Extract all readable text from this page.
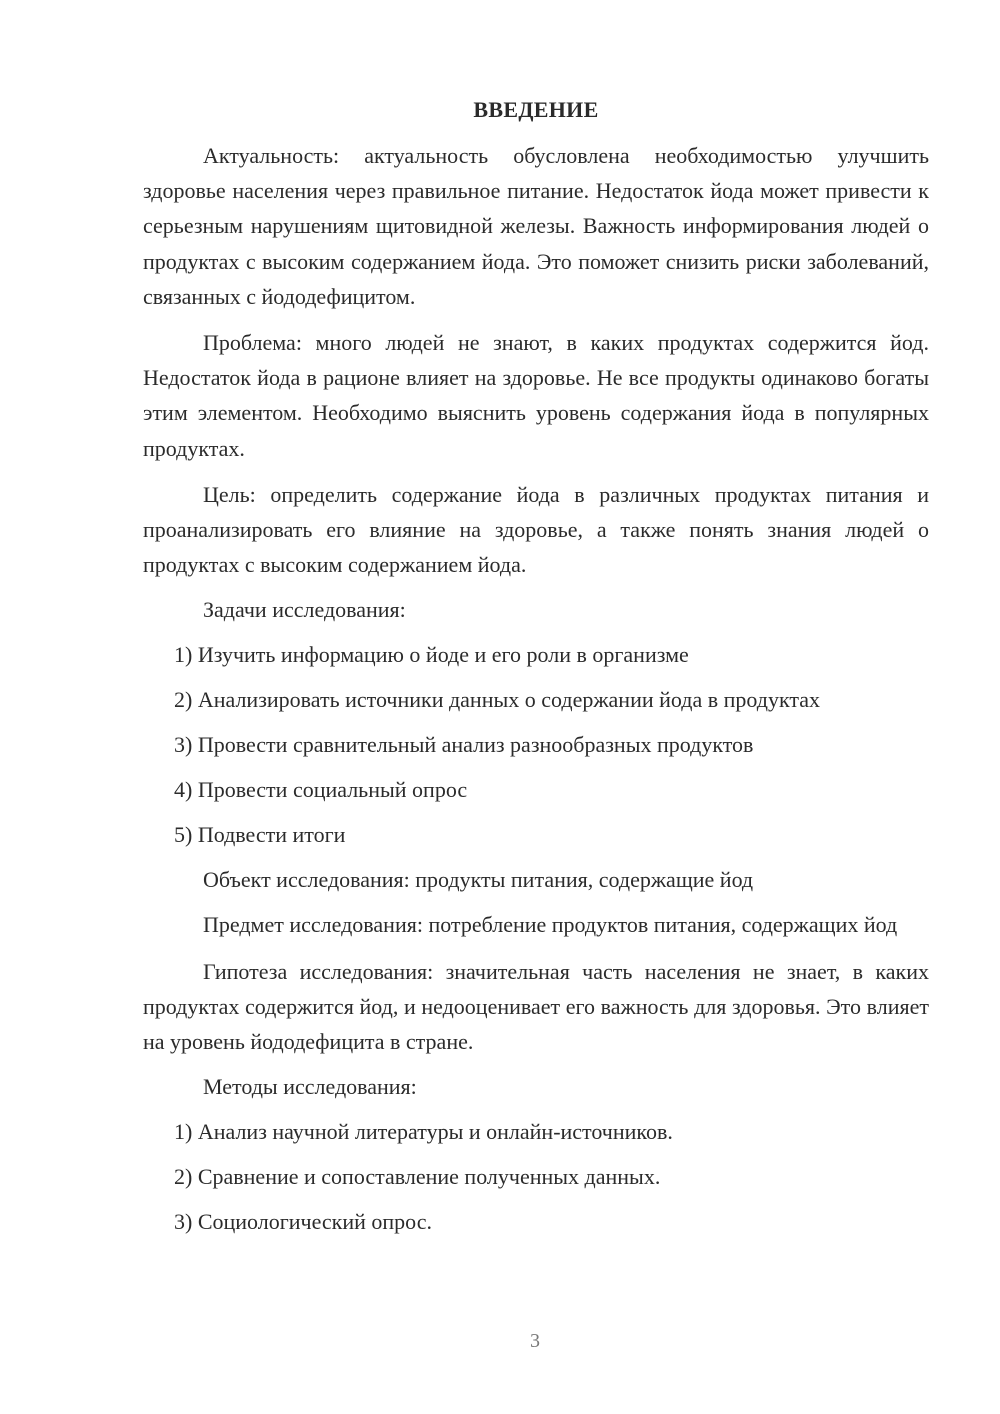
ВВЕДЕНИЕ

Актуальность: актуальность обусловлена необходимостью улучшить здоровье населения через правильное питание. Недостаток йода может привести к серьезным нарушениям щитовидной железы. Важность информирования людей о продуктах с высоким содержанием йода. Это поможет снизить риски заболеваний, связанных с йододефицитом.

Проблема: много людей не знают, в каких продуктах содержится йод. Недостаток йода в рационе влияет на здоровье. Не все продукты одинаково богаты этим элементом. Необходимо выяснить уровень содержания йода в популярных продуктах.

Цель: определить содержание йода в различных продуктах питания и проанализировать его влияние на здоровье, а также понять знания людей о продуктах с высоким содержанием йода.

Задачи исследования:

1) Изучить информацию о йоде и его роли в организме
2) Анализировать источники данных о содержании йода в продуктах
3) Провести сравнительный анализ разнообразных продуктов
4) Провести социальный опрос
5) Подвести итоги

Объект исследования: продукты питания, содержащие йод

Предмет исследования: потребление продуктов питания, содержащих йод

Гипотеза исследования: значительная часть населения не знает, в каких продуктах содержится йод, и недооценивает его важность для здоровья. Это влияет на уровень йододефицита в стране.

Методы исследования:

1) Анализ научной литературы и онлайн-источников.
2) Сравнение и сопоставление полученных данных.
3) Социологический опрос.
3
